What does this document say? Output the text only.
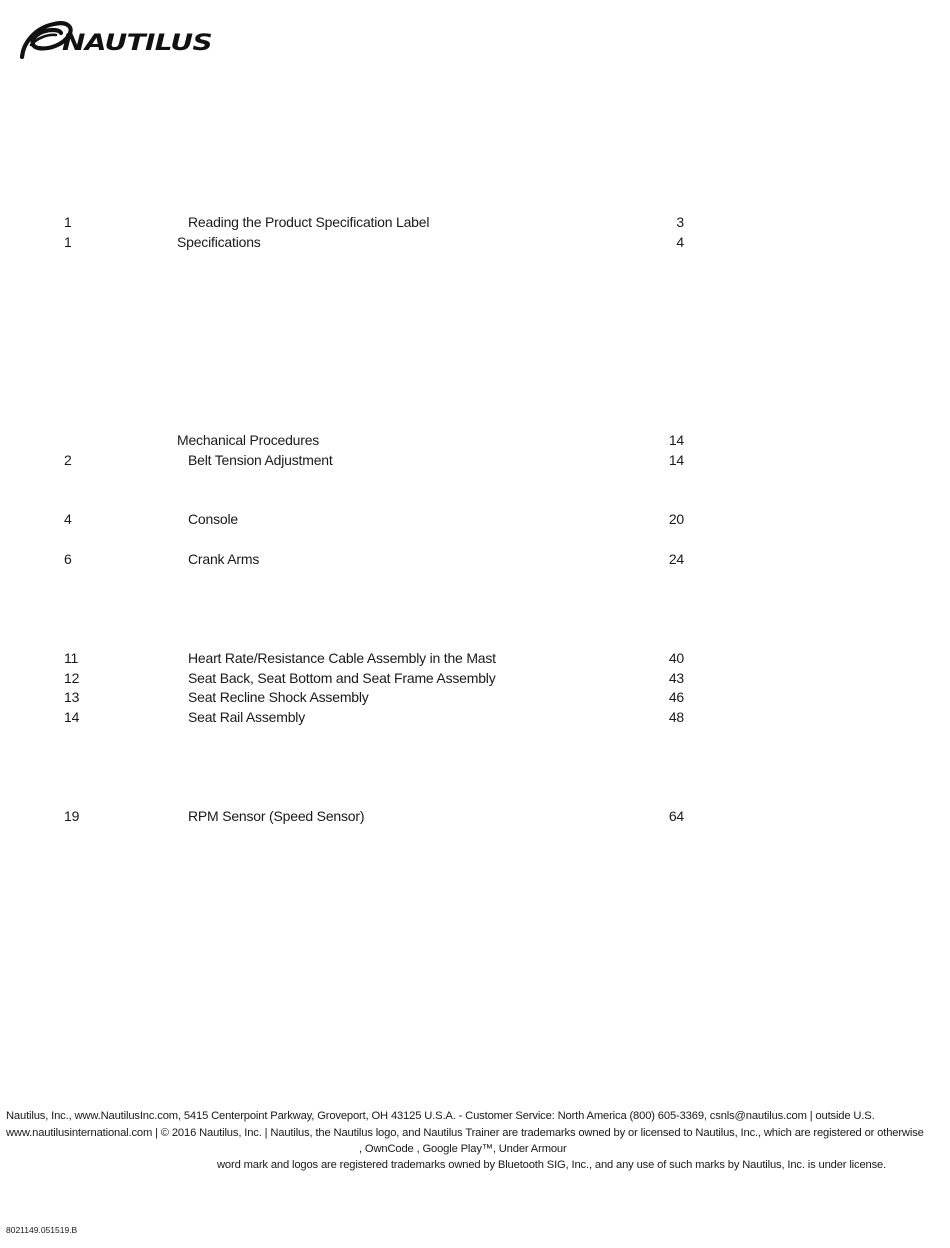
NAUTILUS
1	Reading the Product Specification Label	3
1	Specifications	4
Mechanical Procedures	14
2	Belt Tension Adjustment	14
4	Console	20
6	Crank Arms	24
11	Heart Rate/Resistance Cable Assembly in the Mast	40
12	Seat Back, Seat Bottom and Seat Frame Assembly	43
13	Seat Recline Shock Assembly	46
14	Seat Rail Assembly	48
19	RPM Sensor (Speed Sensor)	64
Nautilus, Inc., www.NautilusInc.com, 5415 Centerpoint Parkway, Groveport, OH 43125 U.S.A. - Customer Service: North America (800) 605-3369, csnls@nautilus.com | outside U.S.
www.nautilusinternational.com | © 2016 Nautilus, Inc. | Nautilus, the Nautilus logo, and Nautilus Trainer are trademarks owned by or licensed to Nautilus, Inc., which are registered or otherwise
, OwnCode , Google Play™, Under Armour
word mark and logos are registered trademarks owned by Bluetooth SIG, Inc., and any use of such marks by Nautilus, Inc. is under license.
8021149.051519.B
